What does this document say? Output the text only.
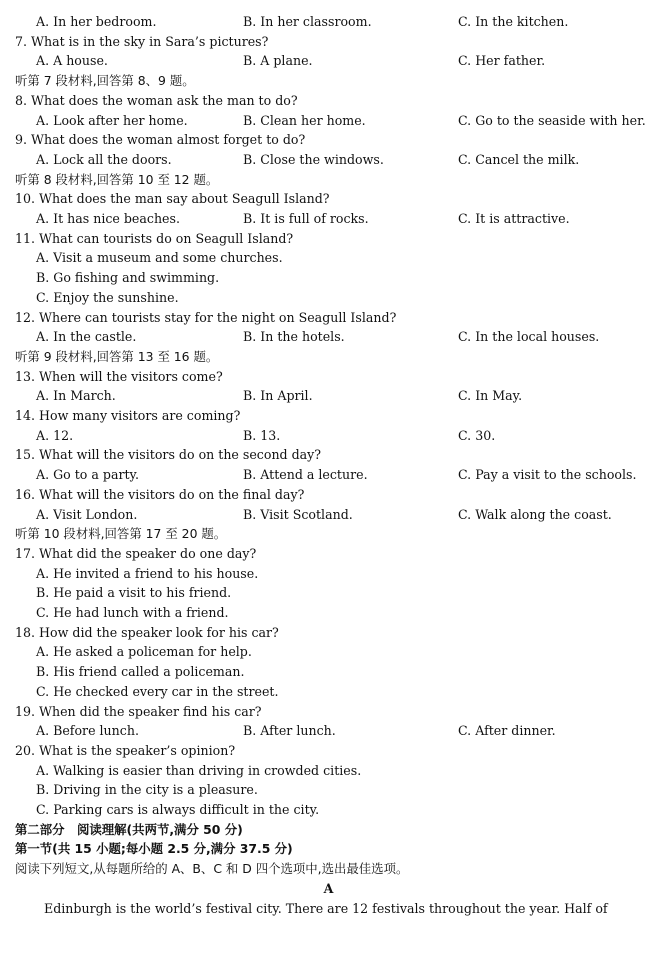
A. In her bedroom.	B. In her classroom.	C. In the kitchen.
7. What is in the sky in Sara’s pictures?
A. A house.	B. A plane.	C. Her father.
听第 7 段材料,回答第 8、9 题。
8. What does the woman ask the man to do?
A. Look after her home.	B. Clean her home.	C. Go to the seaside with her.
9. What does the woman almost forget to do?
A. Lock all the doors.	B. Close the windows.	C. Cancel the milk.
听第 8 段材料,回答第 10 至 12 题。
10. What does the man say about Seagull Island?
A. It has nice beaches.	B. It is full of rocks.	C. It is attractive.
11. What can tourists do on Seagull Island?
A. Visit a museum and some churches.
B. Go fishing and swimming.
C. Enjoy the sunshine.
12. Where can tourists stay for the night on Seagull Island?
A. In the castle.	B. In the hotels.	C. In the local houses.
听第 9 段材料,回答第 13 至 16 题。
13. When will the visitors come?
A. In March.	B. In April.	C. In May.
14. How many visitors are coming?
A. 12.	B. 13.	C. 30.
15. What will the visitors do on the second day?
A. Go to a party.	B. Attend a lecture.	C. Pay a visit to the schools.
16. What will the visitors do on the final day?
A. Visit London.	B. Visit Scotland.	C. Walk along the coast.
听第 10 段材料,回答第 17 至 20 题。
17. What did the speaker do one day?
A. He invited a friend to his house.
B. He paid a visit to his friend.
C. He had lunch with a friend.
18. How did the speaker look for his car?
A. He asked a policeman for help.
B. His friend called a policeman.
C. He checked every car in the street.
19. When did the speaker find his car?
A. Before lunch.	B. After lunch.	C. After dinner.
20. What is the speaker’s opinion?
A. Walking is easier than driving in crowded cities.
B. Driving in the city is a pleasure.
C. Parking cars is always difficult in the city.
第二部分　阅读理解(共两节,满分 50 分)
第一节(共 15 小题;每小题 2.5 分,满分 37.5 分)
阅读下列短文,从每题所给的 A、B、C 和 D 四个选项中,选出最佳选项。
A
Edinburgh is the world’s festival city. There are 12 festivals throughout the year. Half of
